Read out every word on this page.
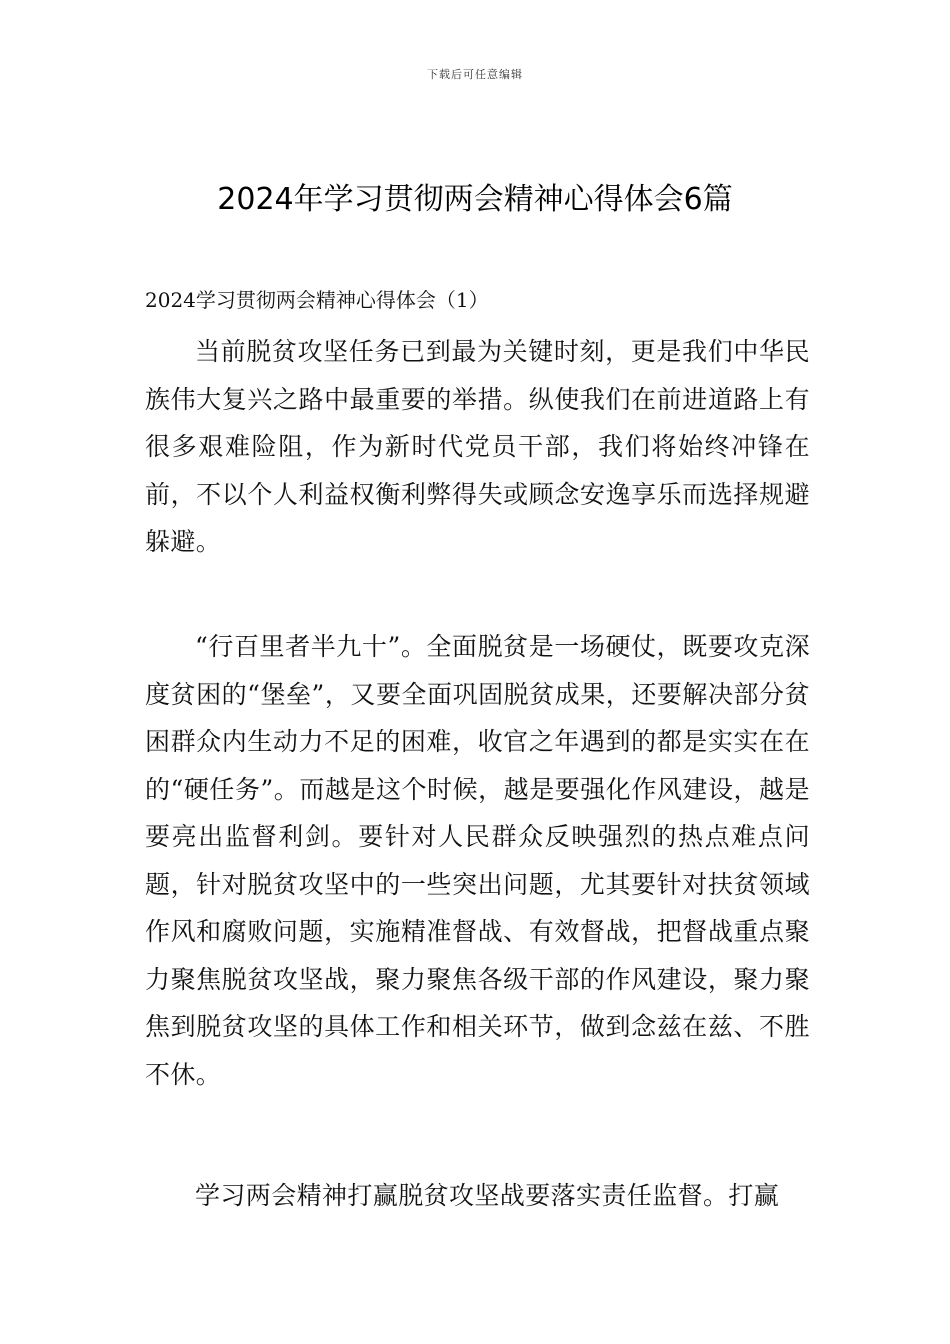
下载后可任意编辑
2024年学习贯彻两会精神心得体会6篇
2024学习贯彻两会精神心得体会（1）

当前脱贫攻坚任务已到最为关键时刻，更是我们中华民族伟大复兴之路中最重要的举措。纵使我们在前进道路上有很多艰难险阻，作为新时代党员干部，我们将始终冲锋在前，不以个人利益权衡利弊得失或顾念安逸享乐而选择规避躲避。

“行百里者半九十”。全面脱贫是一场硬仗，既要攻克深度贫困的“堡垒”，又要全面巩固脱贫成果，还要解决部分贫困群众内生动力不足的困难，收官之年遇到的都是实实在在的“硬任务”。而越是这个时候，越是要强化作风建设，越是要亮出监督利剑。要针对人民群众反映强烈的热点难点问题，针对脱贫攻坚中的一些突出问题，尤其要针对扶贫领域作风和腐败问题，实施精准督战、有效督战，把督战重点聚力聚焦脱贫攻坚战，聚力聚焦各级干部的作风建设，聚力聚焦到脱贫攻坚的具体工作和相关环节，做到念兹在兹、不胜不休。

学习两会精神打赢脱贫攻坚战要落实责任监督。打赢
